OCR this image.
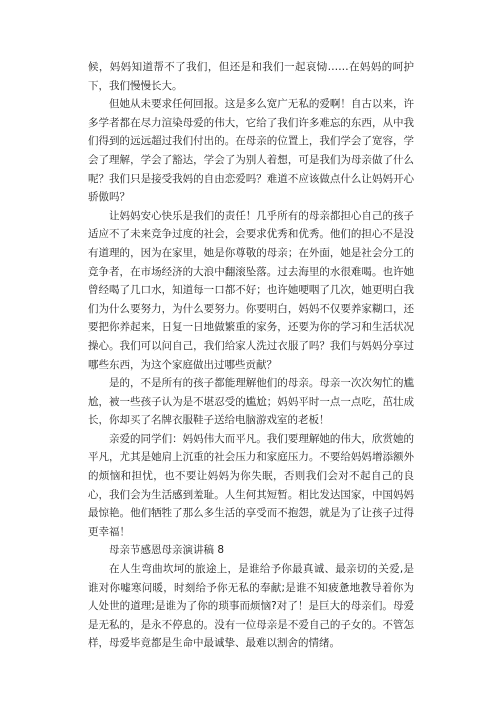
候，妈妈知道帮不了我们，但还是和我们一起哀恸……在妈妈的呵护下，我们慢慢长大。

但她从未要求任何回报。这是多么宽广无私的爱啊！自古以来，许多学者都在尽力渲染母爱的伟大，它给了我们许多难忘的东西，从中我们得到的远远超过我们付出的。在母亲的位置上，我们学会了宽容，学会了理解，学会了豁达，学会了为别人着想，可是我们为母亲做了什么呢？我们只是接受我妈的自由恋爱吗？难道不应该做点什么让妈妈开心骄傲吗？

让妈妈安心快乐是我们的责任！几乎所有的母亲都担心自己的孩子适应不了未来竞争过度的社会，会要求优秀和优秀。他们的担心不是没有道理的，因为在家里，她是你尊敬的母亲；在外面，她是社会分工的竞争者，在市场经济的大浪中翻滚坠落。过去海里的水很难喝。也许她曾经喝了几口水，知道每一口都不好；也许她哽咽了几次，她更明白我们为什么要努力，为什么要努力。你要明白，妈妈不仅要养家糊口，还要把你养起来，日复一日地做繁重的家务，还要为你的学习和生活状况操心。我们可以问自己，我们给家人洗过衣服了吗？我们与妈妈分享过哪些东西，为这个家庭做出过哪些贡献？

是的，不是所有的孩子都能理解他们的母亲。母亲一次次匆忙的尴尬，被一些孩子认为是不堪忍受的尴尬；妈妈平时一点一点吃，茁壮成长，你却买了名牌衣服鞋子送给电脑游戏室的老板！

亲爱的同学们：妈妈伟大而平凡。我们要理解她的伟大，欣赏她的平凡，尤其是她肩上沉重的社会压力和家庭压力。不要给妈妈增添额外的烦恼和担忧，也不要让妈妈为你失眠，否则我们会对不起自己的良心，我们会为生活感到羞耻。人生何其短暂。相比发达国家，中国妈妈最惊艳。他们牺牲了那么多生活的享受而不抱怨，就是为了让孩子过得更幸福！

母亲节感恩母亲演讲稿 8

在人生弯曲坎坷的旅途上，是谁给予你最真诚、最亲切的关爱,是谁对你嘘寒问暖，时刻给予你无私的奉献;是谁不知疲惫地教导着你为人处世的道理;是谁为了你的琐事而烦恼?对了！是巨大的母亲们。母爱是无私的，是永不停息的。没有一位母亲是不爱自己的子女的。不管怎样，母爱毕竟都是生命中最诚挚、最难以割舍的情绪。
